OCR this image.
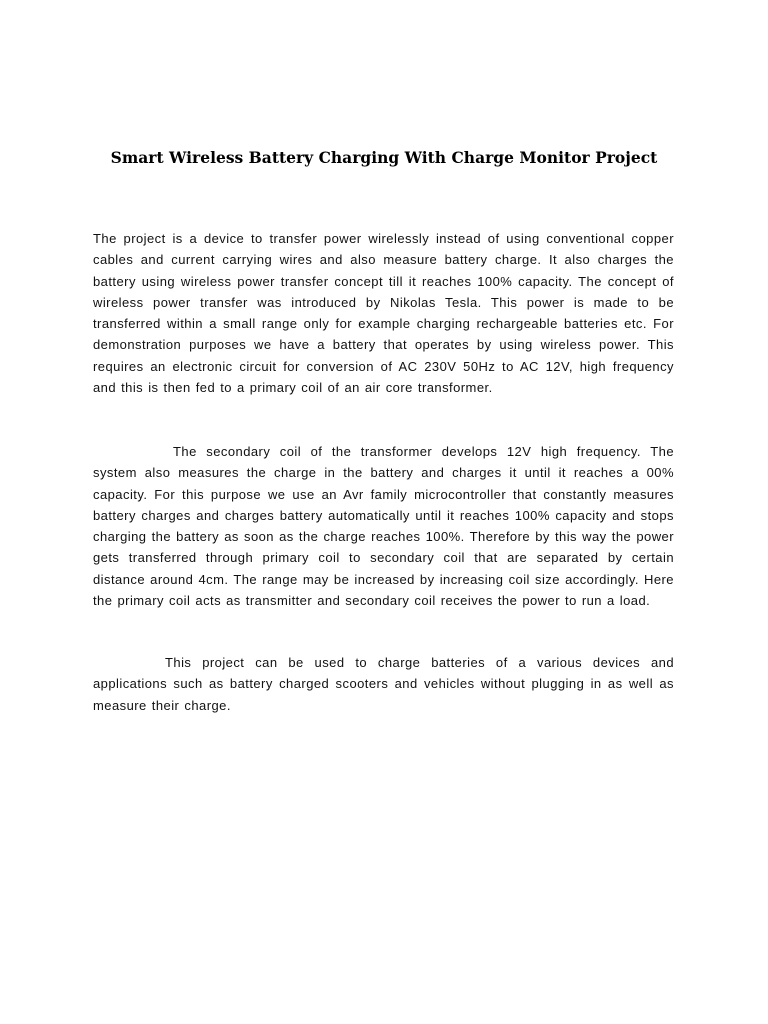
Smart Wireless Battery Charging With Charge Monitor Project

The project is a device to transfer power wirelessly instead of using conventional copper cables and current carrying wires and also measure battery charge. It also charges the battery using wireless power transfer concept till it reaches 100% capacity. The concept of wireless power transfer was introduced by Nikolas Tesla. This power is made to be transferred within a small range only for example charging rechargeable batteries etc. For demonstration purposes we have a battery that operates by using wireless power. This requires an electronic circuit for conversion of AC 230V 50Hz to AC 12V, high frequency and this is then fed to a primary coil of an air core transformer.

The secondary coil of the transformer develops 12V high frequency. The system also measures the charge in the battery and charges it until it reaches a 00% capacity. For this purpose we use an Avr family microcontroller that constantly measures battery charges and charges battery automatically until it reaches 100% capacity and stops charging the battery as soon as the charge reaches 100%. Therefore by this way the power gets transferred through primary coil to secondary coil that are separated by certain distance around 4cm. The range may be increased by increasing coil size accordingly. Here the primary coil acts as transmitter and secondary coil receives the power to run a load.

This project can be used to charge batteries of a various devices and applications such as battery charged scooters and vehicles without plugging in as well as measure their charge.
